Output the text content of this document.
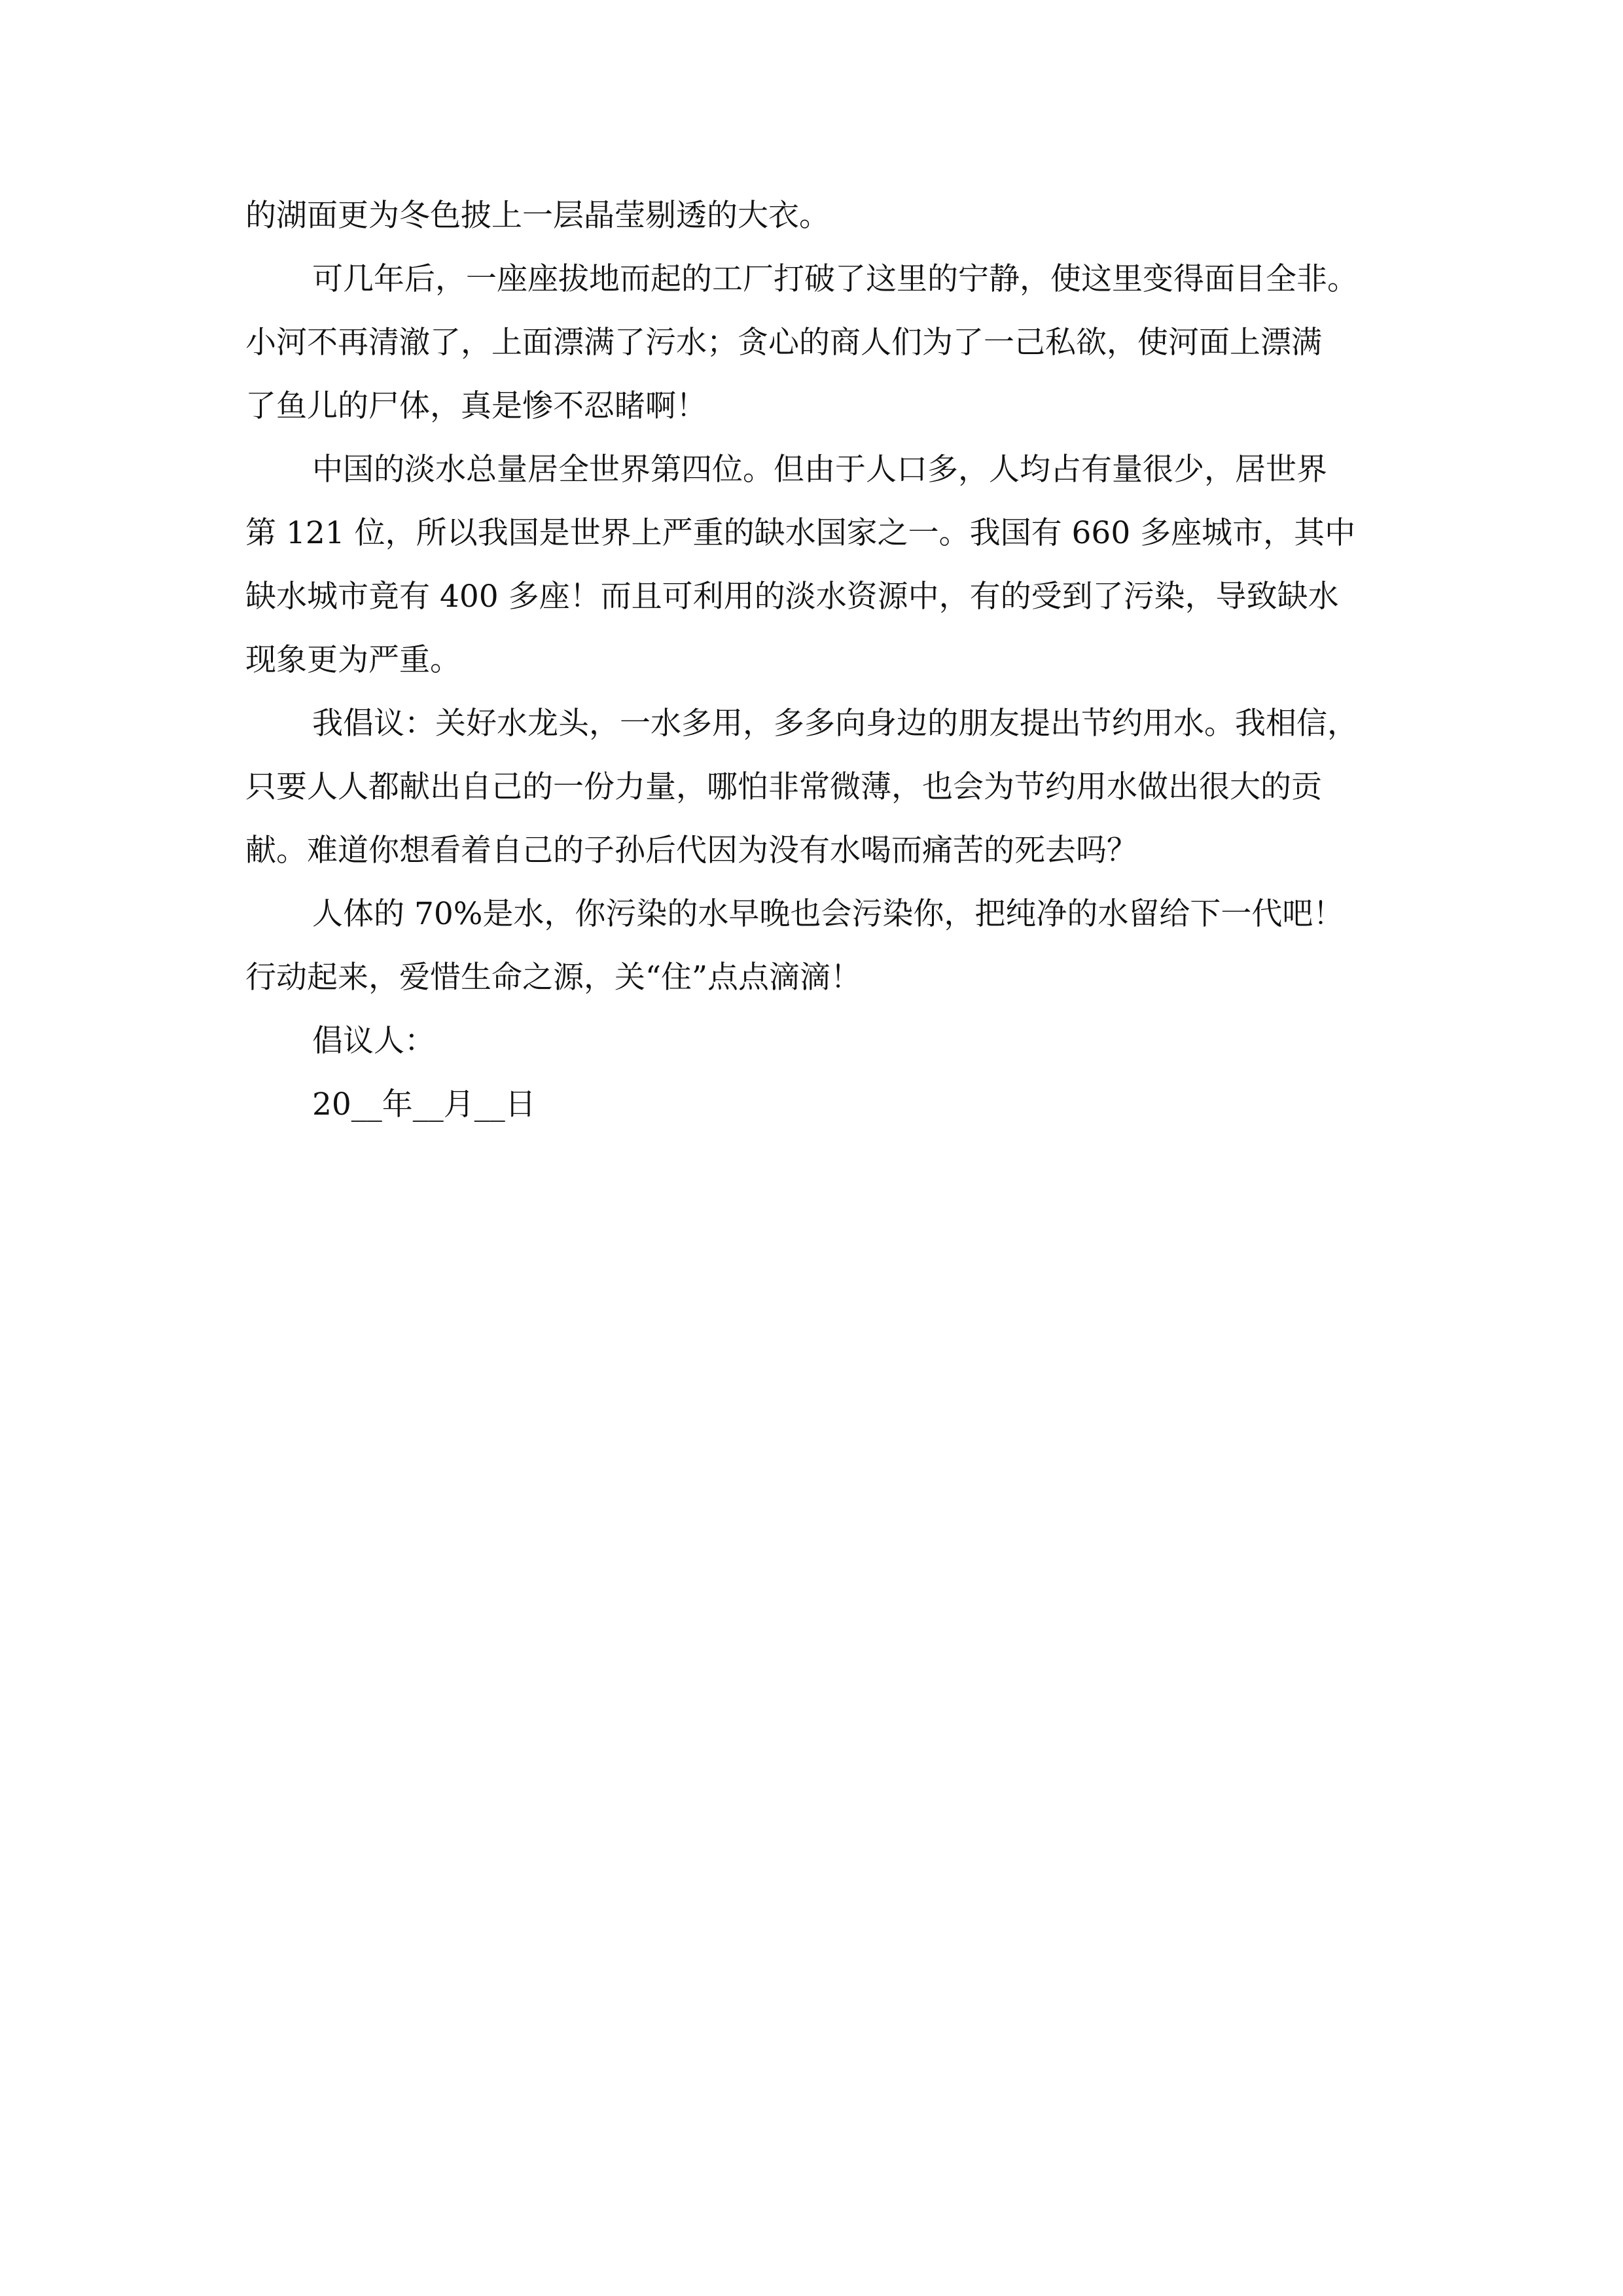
的湖面更为冬色披上一层晶莹剔透的大衣。
可几年后，一座座拔地而起的工厂打破了这里的宁静，使这里变得面目全非。
小河不再清澈了，上面漂满了污水；贪心的商人们为了一己私欲，使河面上漂满
了鱼儿的尸体，真是惨不忍睹啊！
中国的淡水总量居全世界第四位。但由于人口多，人均占有量很少，居世界
第 121 位，所以我国是世界上严重的缺水国家之一。我国有 660 多座城市，其中
缺水城市竟有 400 多座！而且可利用的淡水资源中，有的受到了污染，导致缺水
现象更为严重。
我倡议：关好水龙头，一水多用，多多向身边的朋友提出节约用水。我相信，
只要人人都献出自己的一份力量，哪怕非常微薄，也会为节约用水做出很大的贡
献。难道你想看着自己的子孙后代因为没有水喝而痛苦的死去吗？
人体的 70%是水，你污染的水早晚也会污染你，把纯净的水留给下一代吧！
行动起来，爱惜生命之源，关“住”点点滴滴！
倡议人：
20__年__月__日
